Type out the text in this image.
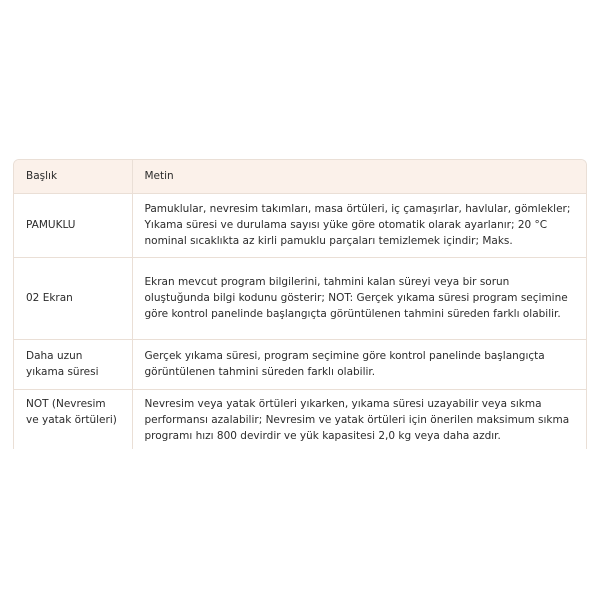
Başlık	Metin
PAMUKLU	Pamuklular, nevresim takımları, masa örtüleri, iç çamaşırlar, havlular, gömlekler; Yıkama süresi ve durulama sayısı yüke göre otomatik olarak ayarlanır; 20 °C nominal sıcaklıkta az kirli pamuklu parçaları temizlemek içindir; Maks.
02 Ekran	Ekran mevcut program bilgilerini, tahmini kalan süreyi veya bir sorun oluştuğunda bilgi kodunu gösterir; NOT: Gerçek yıkama süresi program seçimine göre kontrol panelinde başlangıçta görüntülenen tahmini süreden farklı olabilir.
Daha uzun yıkama süresi	Gerçek yıkama süresi, program seçimine göre kontrol panelinde başlangıçta görüntülenen tahmini süreden farklı olabilir.
NOT (Nevresim ve yatak örtüleri)	Nevresim veya yatak örtüleri yıkarken, yıkama süresi uzayabilir veya sıkma performansı azalabilir; Nevresim ve yatak örtüleri için önerilen maksimum sıkma programı hızı 800 devirdir ve yük kapasitesi 2,0 kg veya daha azdır.
